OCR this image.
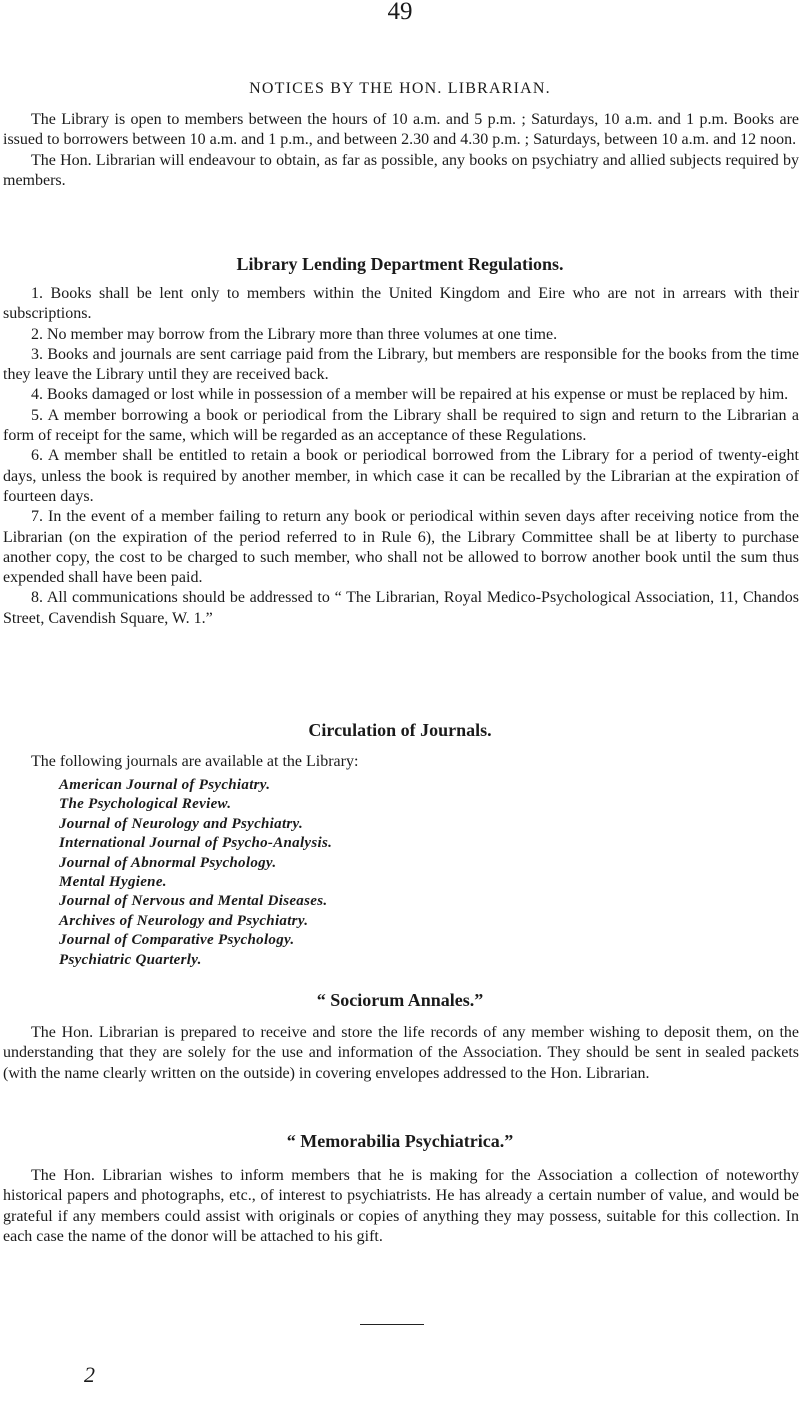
49
NOTICES BY THE HON. LIBRARIAN.

The Library is open to members between the hours of 10 a.m. and 5 p.m. ; Saturdays, 10 a.m. and 1 p.m. Books are issued to borrowers between 10 a.m. and 1 p.m., and between 2.30 and 4.30 p.m. ; Saturdays, between 10 a.m. and 12 noon.

The Hon. Librarian will endeavour to obtain, as far as possible, any books on psychiatry and allied subjects required by members.

Library Lending Department Regulations.

1. Books shall be lent only to members within the United Kingdom and Eire who are not in arrears with their subscriptions.

2. No member may borrow from the Library more than three volumes at one time.

3. Books and journals are sent carriage paid from the Library, but members are responsible for the books from the time they leave the Library until they are received back.

4. Books damaged or lost while in possession of a member will be repaired at his expense or must be replaced by him.

5. A member borrowing a book or periodical from the Library shall be required to sign and return to the Librarian a form of receipt for the same, which will be regarded as an acceptance of these Regulations.

6. A member shall be entitled to retain a book or periodical borrowed from the Library for a period of twenty-eight days, unless the book is required by another member, in which case it can be recalled by the Librarian at the expiration of fourteen days.

7. In the event of a member failing to return any book or periodical within seven days after receiving notice from the Librarian (on the expiration of the period referred to in Rule 6), the Library Committee shall be at liberty to purchase another copy, the cost to be charged to such member, who shall not be allowed to borrow another book until the sum thus expended shall have been paid.

8. All communications should be addressed to “ The Librarian, Royal Medico-Psychological Association, 11, Chandos Street, Cavendish Square, W. 1.”

Circulation of Journals.

The following journals are available at the Library:

American Journal of Psychiatry.
The Psychological Review.
Journal of Neurology and Psychiatry.
International Journal of Psycho-Analysis.
Journal of Abnormal Psychology.
Mental Hygiene.
Journal of Nervous and Mental Diseases.
Archives of Neurology and Psychiatry.
Journal of Comparative Psychology.
Psychiatric Quarterly.
“ Sociorum Annales.”

The Hon. Librarian is prepared to receive and store the life records of any member wishing to deposit them, on the understanding that they are solely for the use and information of the Association. They should be sent in sealed packets (with the name clearly written on the outside) in covering envelopes addressed to the Hon. Librarian.

“ Memorabilia Psychiatrica.”

The Hon. Librarian wishes to inform members that he is making for the Association a collection of noteworthy historical papers and photographs, etc., of interest to psychiatrists. He has already a certain number of value, and would be grateful if any members could assist with originals or copies of anything they may possess, suitable for this collection. In each case the name of the donor will be attached to his gift.

2
